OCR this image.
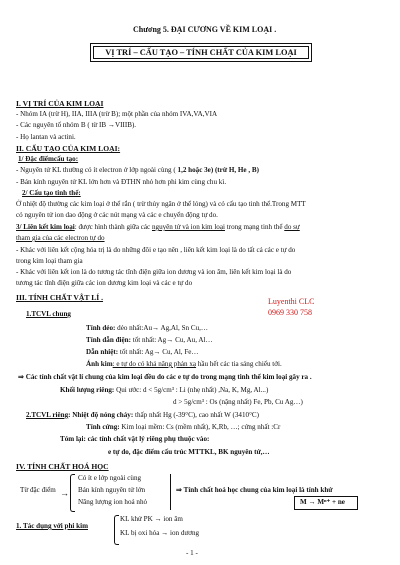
Chương 5. ĐẠI CƯƠNG VỀ KIM LOẠI .
VỊ TRÍ – CẤU TẠO – TÍNH CHẤT CỦA KIM LOẠI
I. VỊ TRÍ CỦA KIM LOẠI
- Nhóm IA (trừ H), IIA, IIIA (trừ B); một phần của nhóm IVA,VA,VIA
- Các nguyên tố nhóm B ( từ IB →VIIIB).
- Họ lantan và actini.
II. CẤU TẠO CỦA KIM LOẠI:
1/ Đặc điểmcấu tạo:
- Nguyên tử KL thường có ít electron ở lớp ngoài cùng ( 1,2 hoặc 3e) (trừ H, He , B)
- Bán kính nguyên tử KL lớn hơn và ĐTHN nhỏ hơn phi kim cùng chu kì.
2/ Cấu tạo tinh thể:
Ở nhiệt độ thường các kim loại ở thể rắn ( trừ thủy ngân ở thể lỏng) và có cấu tạo tinh thể.Trong MTT
có nguyên tử ion dao động ở các nút mạng và các e chuyển động tự do.
3/ Liên kết kim loại: được hình thành giữa các nguyên tử và ion kim loại trong mạng tinh thể do sự
tham gia của các electron tự do
- Khác với liên kết cộng hóa trị là do những đôi e tạo nên , liên kết kim loại là do tất cả các e tự do
trong kim loại tham gia
- Khác với liên kết ion là do tương tác tĩnh điện giữa ion dương và ion âm, liên kết kim loại là do
tương tác tĩnh điện giữa các ion dương kim loại và các e tự do
III. TÍNH CHẤT VẬT LÍ .	Luyenthi CLC
0969 330 758
1.TCVL chung
Tính dẻo: dẻo nhất:Au→ Ag,Al, Sn Cu,…
Tính dẫn điện: tốt nhất: Ag→ Cu, Au, Al…
Dẫn nhiệt: tốt nhất: Ag→ Cu, Al, Fe…
Ánh kim: e tự do có khả năng phản xạ hầu hết các tia sáng chiếu tới.
⇒ Các tính chất vật lí chung của kim loại đều do các e tự do trong mạng tinh thể kim loại gây ra .
Khối lượng riêng: Qui ước: d < 5g/cm³ : Li (nhẹ nhất) ,Na, K, Mg, Al...)
d > 5g/cm³ : Os (nặng nhất) Fe, Pb, Cu Ag…)
2.TCVL riêng: Nhiệt độ nóng chảy: thấp nhất Hg (-39°C), cao nhất W (3410°C)
Tính cứng: Kim loại mềm: Cs (mềm nhất), K,Rb, …; cứng nhất :Cr
Tóm lại: các tính chất vật lý riêng phụ thuộc vào:
e tự do, đặc điểm cấu trúc MTTKL, BK nguyên tử,…
IV. TÍNH CHẤT HOÁ HỌC
Từ đặc điểm →
Có ít e lớp ngoài cùng
Bán kính nguyên tử lớn
Năng lượng ion hoá nhỏ
⇒ Tính chất hoá học chung của kim loại là tính khử
M → Mⁿ⁺ + ne
1. Tác dụng với phi kim
KL khử PK → ion âm
KL bị oxi hóa → ion dương
- 1 -
